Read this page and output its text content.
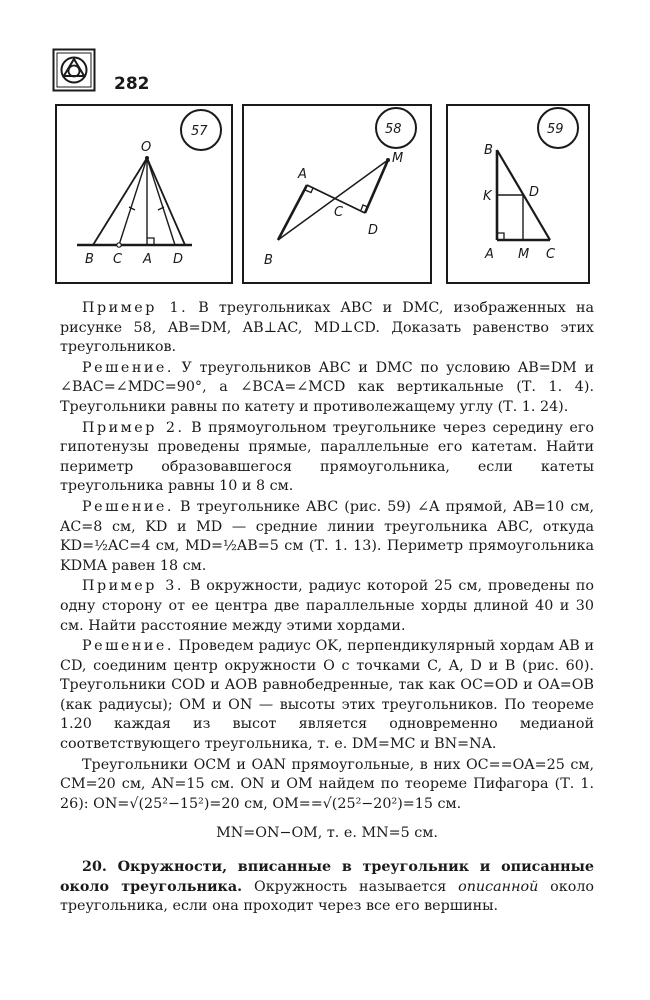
282
57
O
B C A D
58
A
M
C
D
B
59
B
K	D
A M C

Пример 1. В треугольниках ABC и DMC, изображенных на рисунке 58, AB=DM, AB⊥AC, MD⊥CD. Доказать равенство этих треугольников.

Решение. У треугольников ABC и DMC по условию AB=DM и ∠BAC=∠MDC=90°, а ∠BCA=∠MCD как вертикальные (Т. 1. 4). Треугольники равны по катету и противолежащему углу (Т. 1. 24).

Пример 2. В прямоугольном треугольнике через середину его гипотенузы проведены прямые, параллельные его катетам. Найти периметр образовавшегося прямоугольника, если катеты треугольника равны 10 и 8 см.

Решение. В треугольнике ABC (рис. 59) ∠A прямой, AB=10 см, AC=8 см, KD и MD — средние линии треугольника ABC, откуда KD=½AC=4 см, MD=½AB=5 см (Т. 1. 13). Периметр прямоугольника KDMA равен 18 см.

Пример 3. В окружности, радиус которой 25 см, проведены по одну сторону от ее центра две параллельные хорды длиной 40 и 30 см. Найти расстояние между этими хордами.

Решение. Проведем радиус OK, перпендикулярный хордам AB и CD, соединим центр окружности O с точками C, A, D и B (рис. 60). Треугольники COD и AOB равнобедренные, так как OC=OD и OA=OB (как радиусы); OM и ON — высоты этих треугольников. По теореме 1.20 каждая из высот является одновременно медианой соответствующего треугольника, т. е. DM=MC и BN=NA.

Треугольники OCM и OAN прямоугольные, в них OC==OA=25 см, CM=20 см, AN=15 см. ON и OM найдем по теореме Пифагора (Т. 1. 26): ON=√(25²−15²)=20 см, OM==√(25²−20²)=15 см.

MN=ON−OM, т. е. MN=5 см.

20. Окружности, вписанные в треугольник и описанные около треугольника. Окружность называется описанной около треугольника, если она проходит через все его вершины.
